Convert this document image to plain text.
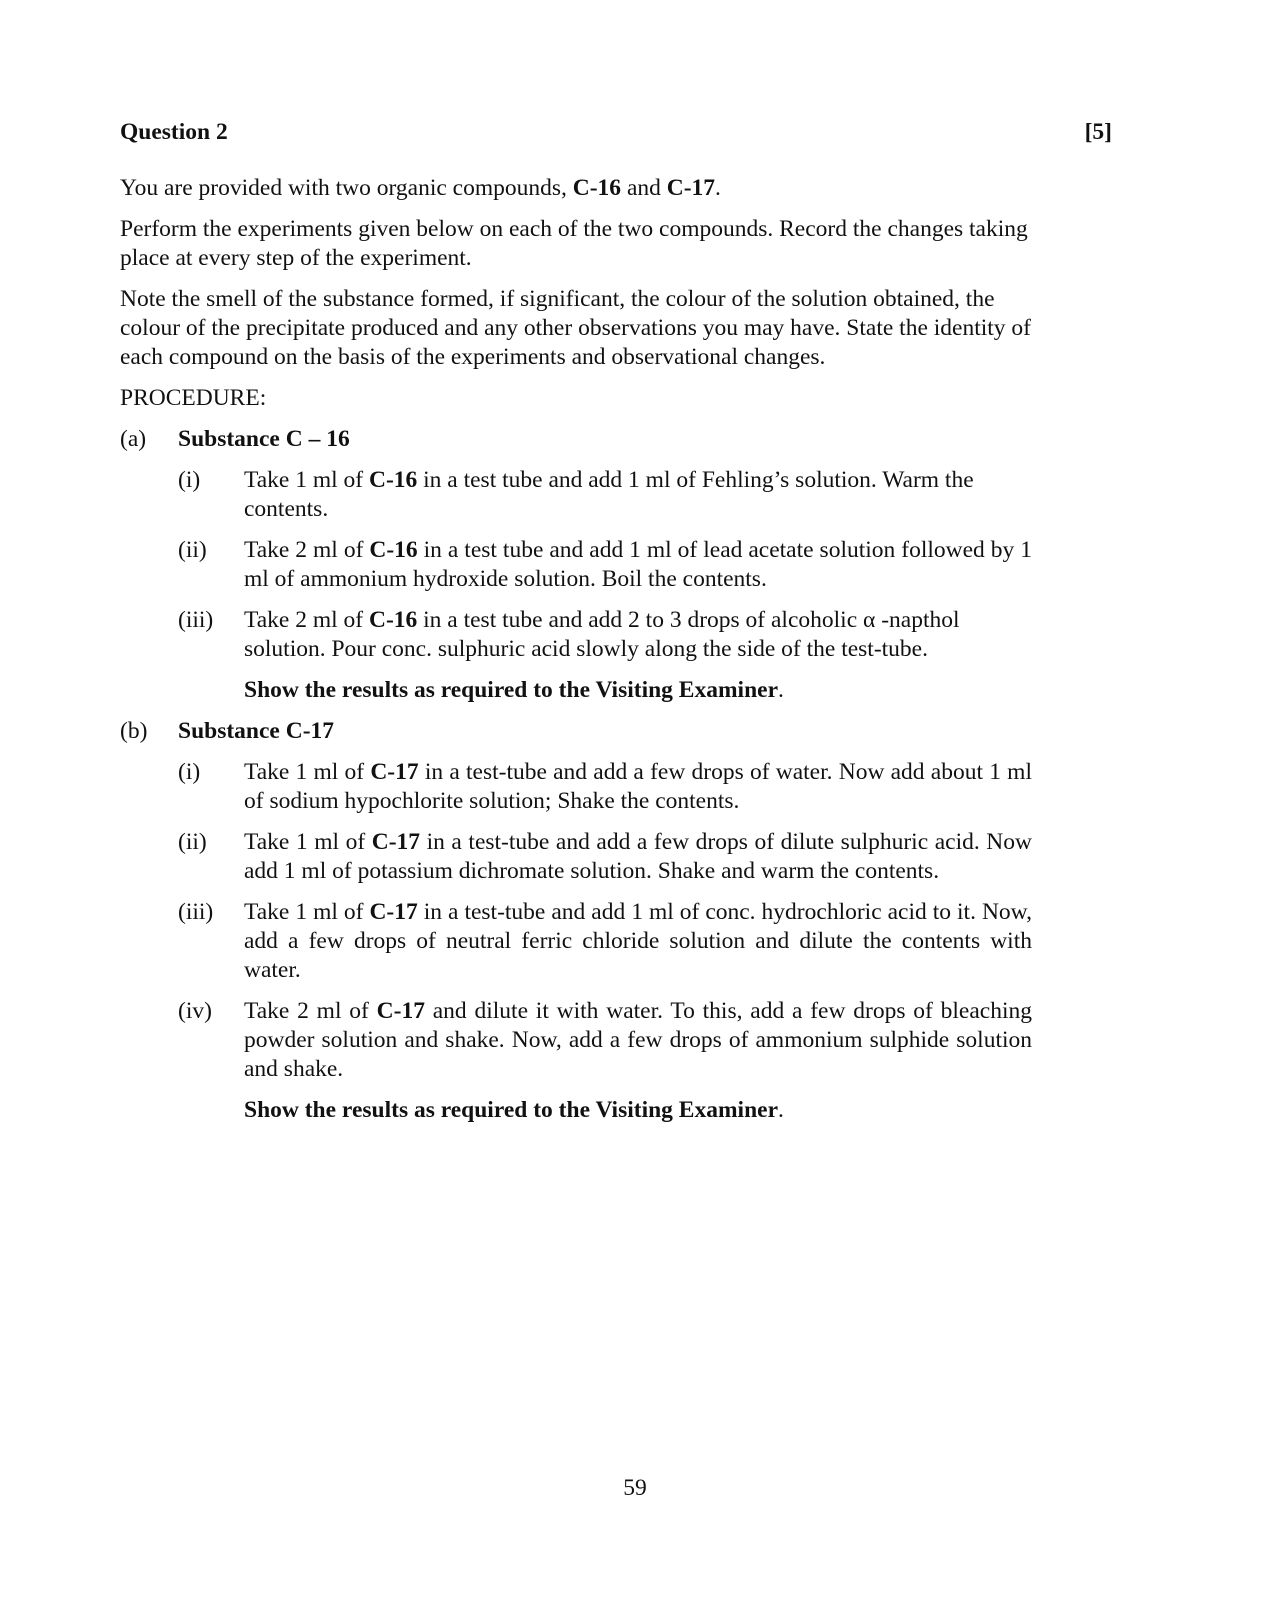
Question 2	[5]

You are provided with two organic compounds, C-16 and C-17.

Perform the experiments given below on each of the two compounds. Record the changes taking place at every step of the experiment.

Note the smell of the substance formed, if significant, the colour of the solution obtained, the colour of the precipitate produced and any other observations you may have. State the identity of each compound on the basis of the experiments and observational changes.

PROCEDURE:

(a)	Substance C – 16
(i)	Take 1 ml of C-16 in a test tube and add 1 ml of Fehling’s solution. Warm the contents.
(ii)	Take 2 ml of C-16 in a test tube and add 1 ml of lead acetate solution followed by 1 ml of ammonium hydroxide solution. Boil the contents.
(iii)	Take 2 ml of C-16 in a test tube and add 2 to 3 drops of alcoholic α -napthol solution. Pour conc. sulphuric acid slowly along the side of the test-tube.

Show the results as required to the Visiting Examiner.

(b)	Substance C-17
(i)	Take 1 ml of C-17 in a test-tube and add a few drops of water. Now add about 1 ml of sodium hypochlorite solution; Shake the contents.
(ii)	Take 1 ml of C-17 in a test-tube and add a few drops of dilute sulphuric acid. Now add 1 ml of potassium dichromate solution. Shake and warm the contents.
(iii)	Take 1 ml of C-17 in a test-tube and add 1 ml of conc. hydrochloric acid to it. Now, add a few drops of neutral ferric chloride solution and dilute the contents with water.
(iv)	Take 2 ml of C-17 and dilute it with water. To this, add a few drops of bleaching powder solution and shake. Now, add a few drops of ammonium sulphide solution and shake.

Show the results as required to the Visiting Examiner.

59
